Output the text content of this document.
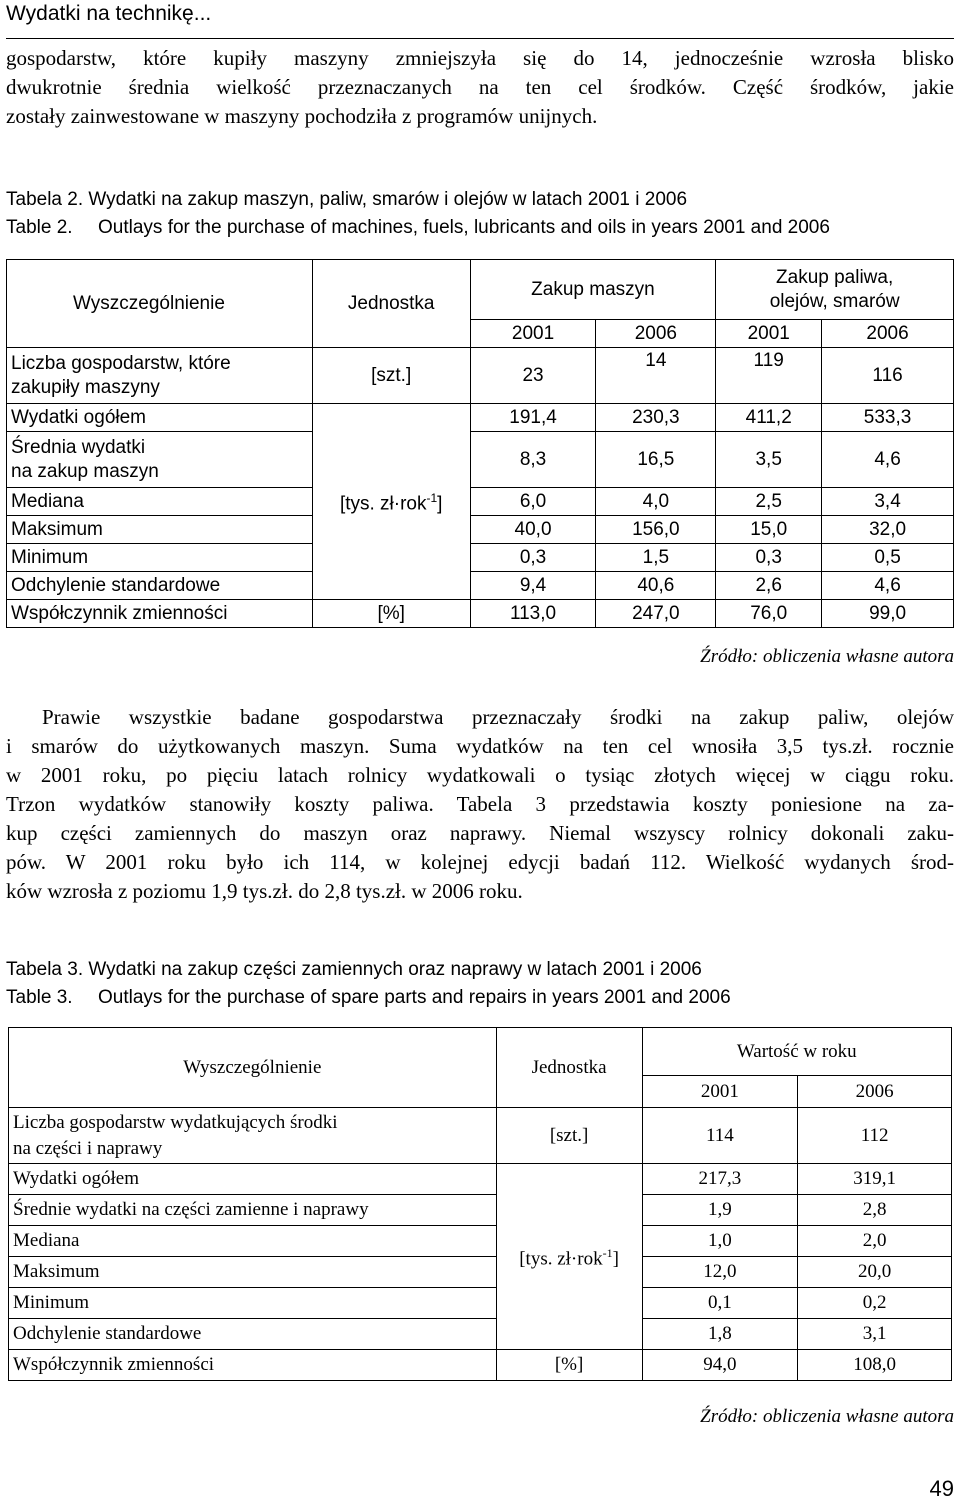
Wydatki na technikę...
gospodarstw, które kupiły maszyny zmniejszyła się do 14, jednocześnie wzrosła blisko
dwukrotnie średnia wielkość przeznaczanych na ten cel środków. Część środków, jakie
zostały zainwestowane w maszyny pochodziła z programów unijnych.
Tabela 2. Wydatki na zakup maszyn, paliw, smarów i olejów w latach 2001 i 2006
Table 2. Outlays for the purchase of machines, fuels, lubricants and oils in years 2001 and 2006
Wyszczególnienie	Jednostka	Zakup maszyn		Zakup paliwa,
olejów, smarów	
		2001	2006	2001	2006
Liczba gospodarstw, które
zakupiły maszyny	[szt.]	23	14	119	116
Wydatki ogółem	[tys. zł·rok$^{-1}$]	191,4	230,3	411,2	533,3
Średnia wydatki
na zakup maszyn		8,3	16,5	3,5	4,6
Mediana		6,0	4,0	2,5	3,4
Maksimum		40,0	156,0	15,0	32,0
Minimum		0,3	1,5	0,3	0,5
Odchylenie standardowe		9,4	40,6	2,6	4,6
Współczynnik zmienności	[%]	113,0	247,0	76,0	99,0
Źródło: obliczenia własne autora
Prawie wszystkie badane gospodarstwa przeznaczały środki na zakup paliw, olejów
i smarów do użytkowanych maszyn. Suma wydatków na ten cel wnosiła 3,5 tys.zł. rocznie
w 2001 roku, po pięciu latach rolnicy wydatkowali o tysiąc złotych więcej w ciągu roku.
Trzon wydatków stanowiły koszty paliwa. Tabela 3 przedstawia koszty poniesione na za-
kup części zamiennych do maszyn oraz naprawy. Niemal wszyscy rolnicy dokonali zaku-
pów. W 2001 roku było ich 114, w kolejnej edycji badań 112. Wielkość wydanych środ-
ków wzrosła z poziomu 1,9 tys.zł. do 2,8 tys.zł. w 2006 roku.
Tabela 3. Wydatki na zakup części zamiennych oraz naprawy w latach 2001 i 2006
Table 3. Outlays for the purchase of spare parts and repairs in years 2001 and 2006
Wyszczególnienie	Jednostka	Wartość w roku	
		2001	2006
Liczba gospodarstw wydatkujących środki
na części i naprawy	[szt.]	114	112
Wydatki ogółem	[tys. zł·rok$^{-1}$]	217,3	319,1
Średnie wydatki na części zamienne i naprawy		1,9	2,8
Mediana		1,0	2,0
Maksimum		12,0	20,0
Minimum		0,1	0,2
Odchylenie standardowe		1,8	3,1
Współczynnik zmienności	[%]	94,0	108,0
Źródło: obliczenia własne autora
49
